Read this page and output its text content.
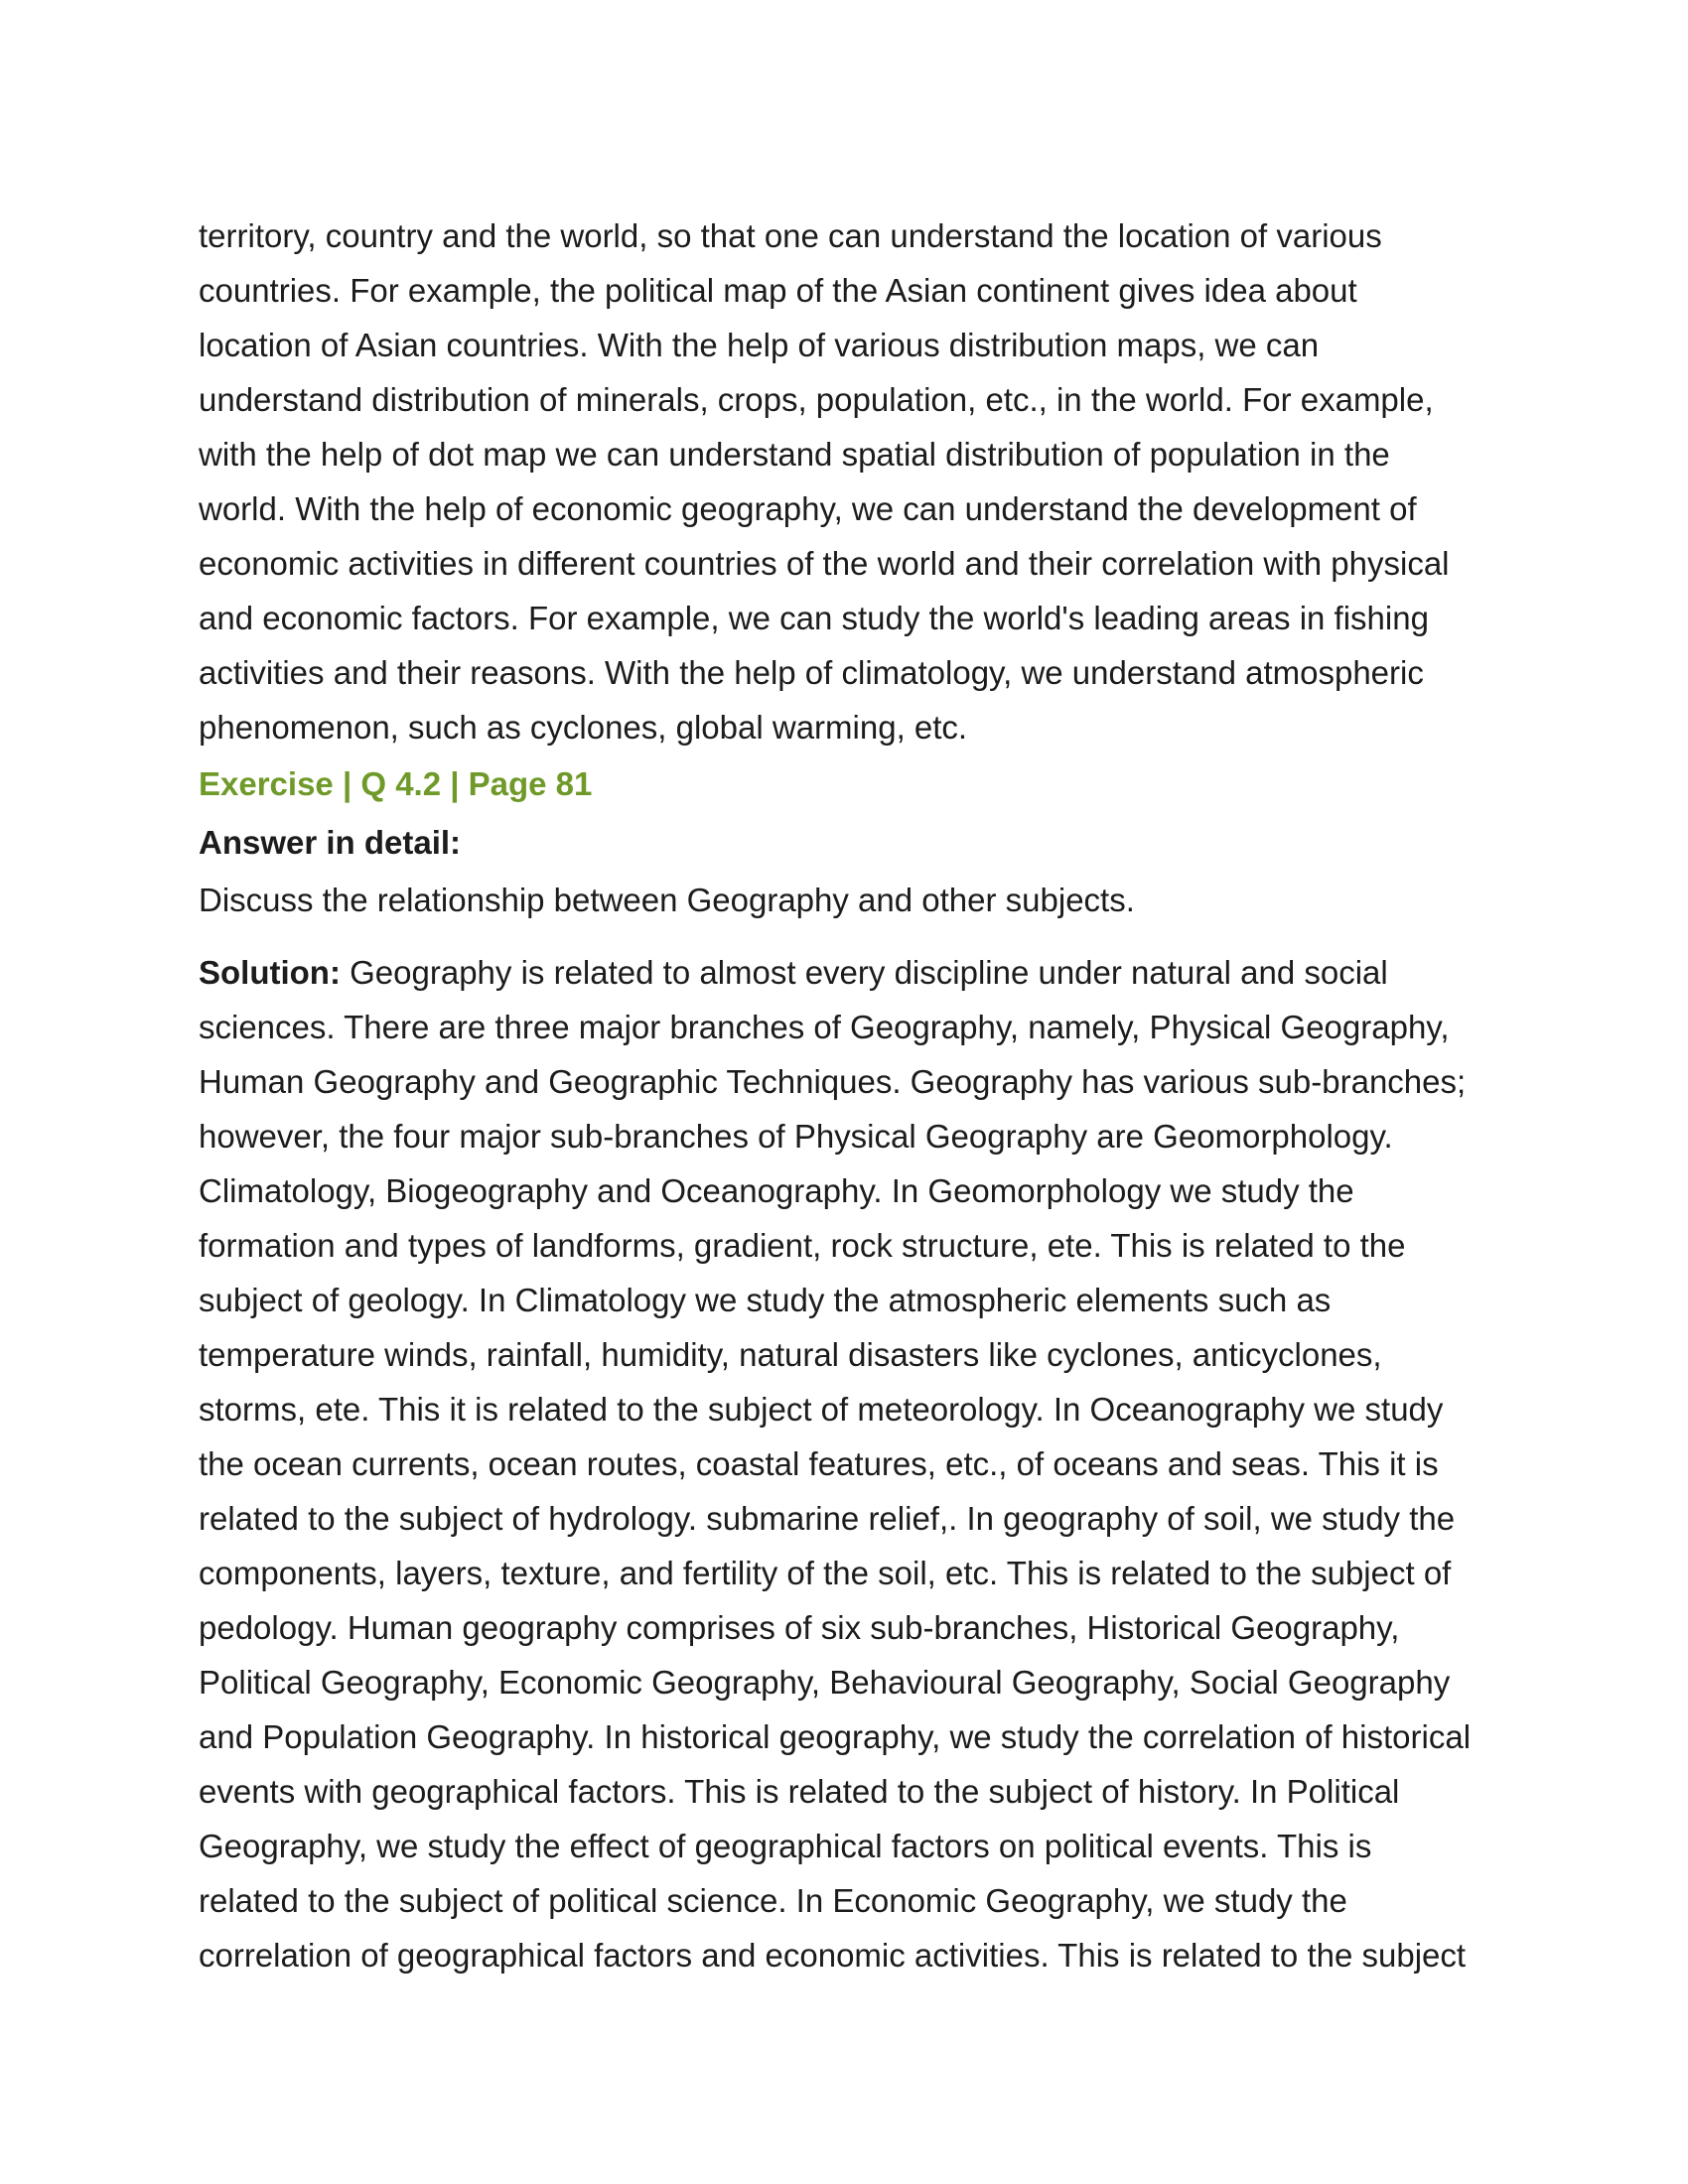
territory, country and the world, so that one can understand the location of various
countries. For example, the political map of the Asian continent gives idea about
location of Asian countries. With the help of various distribution maps, we can
understand distribution of minerals, crops, population, etc., in the world. For example,
with the help of dot map we can understand spatial distribution of population in the
world. With the help of economic geography, we can understand the development of
economic activities in different countries of the world and their correlation with physical
and economic factors. For example, we can study the world's leading areas in fishing
activities and their reasons. With the help of climatology, we understand atmospheric
phenomenon, such as cyclones, global warming, etc.
Exercise | Q 4.2 | Page 81
Answer in detail:
Discuss the relationship between Geography and other subjects.
Solution: Geography is related to almost every discipline under natural and social
sciences. There are three major branches of Geography, namely, Physical Geography,
Human Geography and Geographic Techniques. Geography has various sub-branches;
however, the four major sub-branches of Physical Geography are Geomorphology.
Climatology, Biogeography and Oceanography. In Geomorphology we study the
formation and types of landforms, gradient, rock structure, ete. This is related to the
subject of geology. In Climatology we study the atmospheric elements such as
temperature winds, rainfall, humidity, natural disasters like cyclones, anticyclones,
storms, ete. This it is related to the subject of meteorology. In Oceanography we study
the ocean currents, ocean routes, coastal features, etc., of oceans and seas. This it is
related to the subject of hydrology. submarine relief,. In geography of soil, we study the
components, layers, texture, and fertility of the soil, etc. This is related to the subject of
pedology. Human geography comprises of six sub-branches, Historical Geography,
Political Geography, Economic Geography, Behavioural Geography, Social Geography
and Population Geography. In historical geography, we study the correlation of historical
events with geographical factors. This is related to the subject of history. In Political
Geography, we study the effect of geographical factors on political events. This is
related to the subject of political science. In Economic Geography, we study the
correlation of geographical factors and economic activities. This is related to the subject
